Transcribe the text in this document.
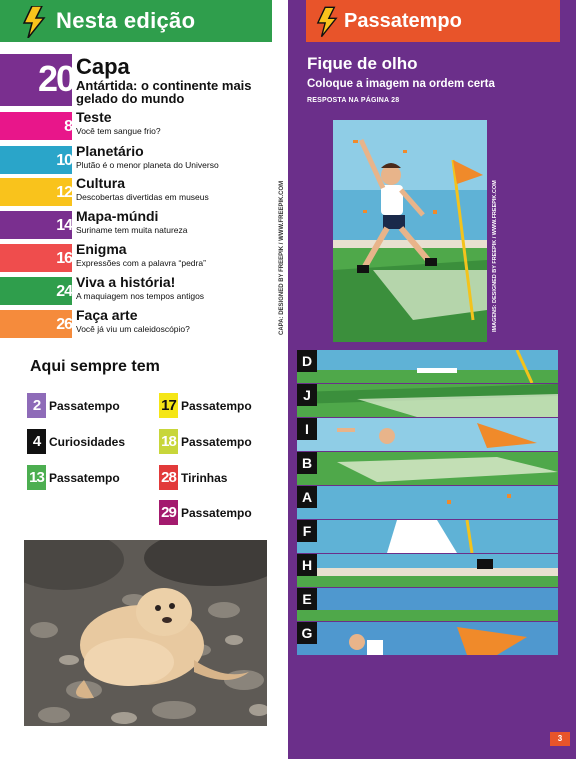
Nesta edição
20 Capa
Antártida: o continente mais gelado do mundo
8
Teste
Você tem sangue frio?
10
Planetário
Plutão é o menor planeta do Universo
12
Cultura
Descobertas divertidas em museus
14
Mapa-múndi
Suriname tem muita natureza
16
Enigma
Expressões com a palavra “pedra”
24
Viva a história!
A maquiagem nos tempos antigos
26
Faça arte
Você já viu um caleidoscópio?	CAPA: DESIGNED BY FREEPIK / WWW.FREEPIK.COM
Aqui sempre tem
2 Passatempo
4 Curiosidades
13 Passatempo
17 Passatempo
18 Passatempo
28 Tirinhas
29 Passatempo
Passatempo
Fique de olho
Coloque a imagem na ordem certa
RESPOSTA NA PÁGINA 28
IMAGENS: DESIGNED BY FREEPIK / WWW.FREEPIK.COM
D
J
I
B
A
F
H
E
G
3
